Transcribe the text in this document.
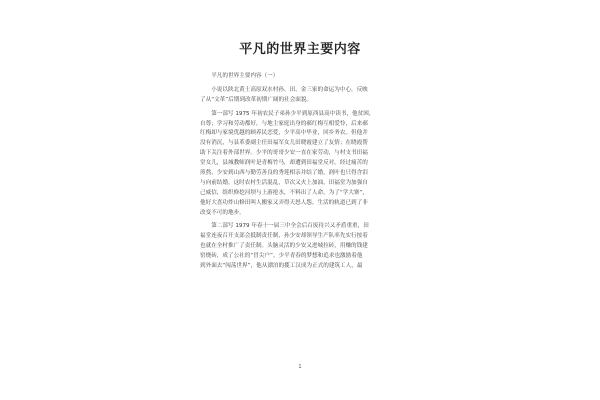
平凡的世界主要内容
　　平凡的世界主要内容（一）
　　小说以陕北黄土高原双水村孙、田、金三家的命运为中心，反映
了从“文革”后期到改革初期广阔的社会面貌。
　　第一部写 1975 年初农民子弟孙少平到原西县高中读书，他贫困，
自尊；学习和劳动都好，与地主家庭出身的郝红梅互相爱怜，后来郝
红梅却与家境优越的顾养民恋爱，少平高中毕业，回乡务农。但他并
没有消沉，与县革委副主任田福军女儿田晓霞建立了友情；在晓霞帮
助下关注着外部世界。少平的哥哥少安一直在家劳动，与村支书田福
堂女儿，县城教师润叶是青梅竹马，却遭到田福堂反对。经过痛苦的
煎熬，少安到山西与勤劳善良的秀莲相亲并结了婚，润叶也只得含泪
与向前结婚。这时农村生活混乱，草次又火上加油，田福堂为加强自
己威信，组织修挖河坝与上游抢水，不料出了人命，为了“学大寨”，
他好大喜功炸山修田叫人搬家又弄得天怒人怨。生活的轨道已到了非
改变不可的地步。
　　第二部写 1979 年春十一届三中全会后百废待兴又矛盾重重，田
福堂连夜召开支部会抵制责任制，孙少安却领导生产队率先实行按着
也就在全村推广了责任制。头脑灵活的少安又进城拉砖，用赚的钱建
窑烧砖，成了公社的“冒尖户”。少平青春的梦想和追求也激励着他
到外面去“闯荡世界”，他从漂泊的揽工汉成为正式的建筑工人，最
1
